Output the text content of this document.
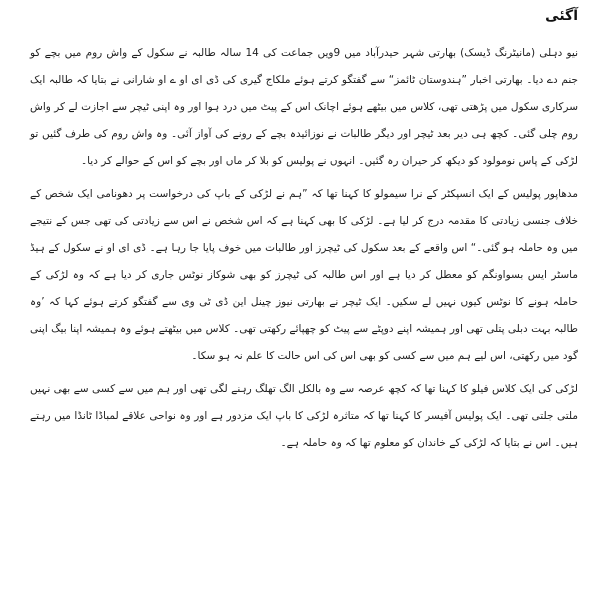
آگئی

نیو دہلی (مانیٹرنگ ڈیسک) بھارتی شہر حیدرآباد میں 9ویں جماعت کی 14 سالہ طالبہ نے سکول کے واش روم میں بچے کو جنم دے دیا۔ بھارتی اخبار ”ہندوستان ٹائمز“ سے گفتگو کرتے ہوئے ملکاج گیری کی ڈی ای او ے او شارانی نے بتایا کہ طالبہ ایک سرکاری سکول میں پڑھتی تھی، کلاس میں بیٹھے ہوئے اچانک اس کے پیٹ میں درد ہوا اور وہ اپنی ٹیچر سے اجازت لے کر واش روم چلی گئی۔ کچھ ہی دیر بعد ٹیچر اور دیگر طالبات نے نوزائیدہ بچے کے رونے کی آواز آئی۔ وہ واش روم کی طرف گئیں تو لڑکی کے پاس نومولود کو دیکھ کر حیران رہ گئیں۔ انہوں نے پولیس کو بلا کر ماں اور بچے کو اس کے حوالے کر دیا۔

مدھاپور پولیس کے ایک انسپکٹر کے نرا سیمولو کا کہنا تھا کہ ”ہم نے لڑکی کے باپ کی درخواست پر دھونامی ایک شخص کے خلاف جنسی زیادتی کا مقدمہ درج کر لیا ہے۔ لڑکی کا بھی کہنا ہے کہ اس شخص نے اس سے زیادتی کی تھی جس کے نتیجے میں وہ حاملہ ہو گئی۔“ اس واقعے کے بعد سکول کی ٹیچرز اور طالبات میں خوف پایا جا رہا ہے۔ ڈی ای او نے سکول کے ہیڈ ماسٹر ایس بسواونگم کو معطل کر دیا ہے اور اس طالبہ کی ٹیچرز کو بھی شوکاز نوٹس جاری کر دیا ہے کہ وہ لڑکی کے حاملہ ہونے کا نوٹس کیوں نہیں لے سکیں۔ ایک ٹیچر نے بھارتی نیوز چینل این ڈی ٹی وی سے گفتگو کرتے ہوئے کہا کہ ’وہ طالبہ بہت دبلی پتلی تھی اور ہمیشہ اپنے دوپٹے سے پیٹ کو چھپائے رکھتی تھی۔ کلاس میں بیٹھتے ہوئے وہ ہمیشہ اپنا بیگ اپنی گود میں رکھتی، اس لیے ہم میں سے کسی کو بھی اس کی اس حالت کا علم نہ ہو سکا۔

لڑکی کی ایک کلاس فیلو کا کہنا تھا کہ کچھ عرصہ سے وہ بالکل الگ تھلگ رہنے لگی تھی اور ہم میں سے کسی سے بھی نہیں ملتی جلتی تھی۔ ایک پولیس آفیسر کا کہنا تھا کہ متاثرہ لڑکی کا باپ ایک مزدور ہے اور وہ نواحی علاقے لمباڈا ٹانڈا میں رہتے ہیں۔ اس نے بتایا کہ لڑکی کے خاندان کو معلوم تھا کہ وہ حاملہ ہے۔
